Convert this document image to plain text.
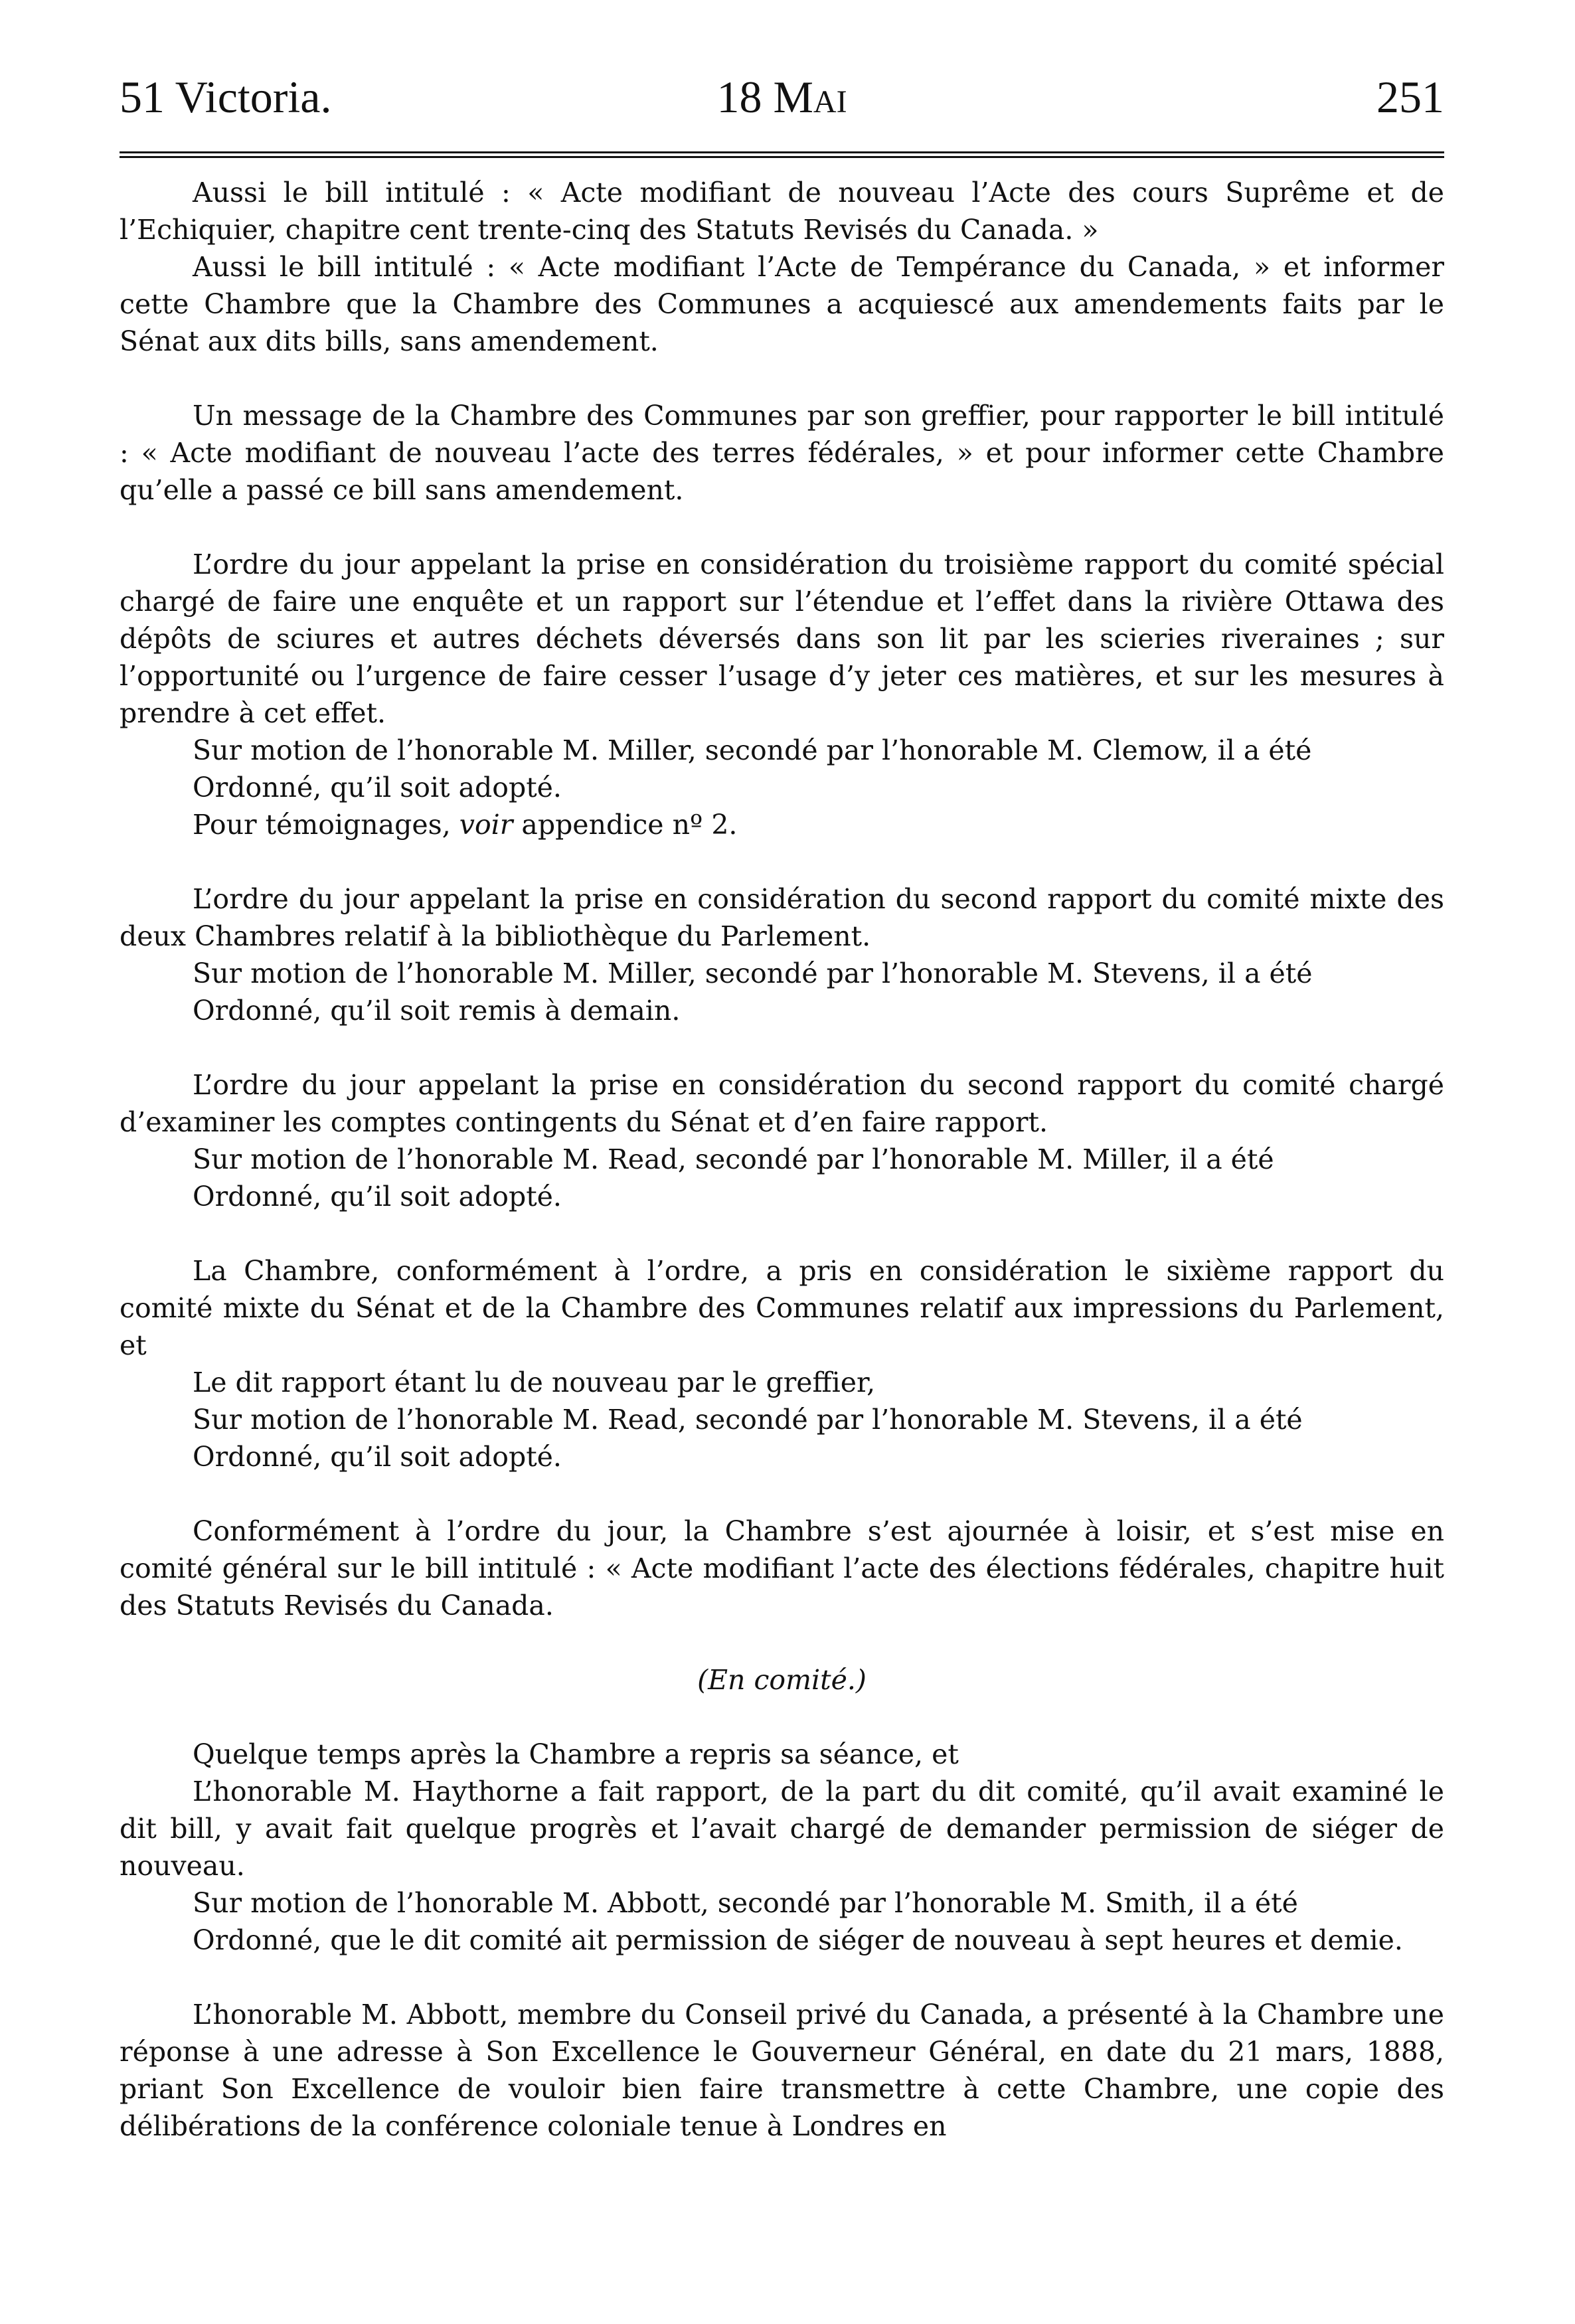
51 Victoria.	18 Mai	251

Aussi le bill intitulé : « Acte modifiant de nouveau l’Acte des cours Suprême et de l’Echiquier, chapitre cent trente-cinq des Statuts Revisés du Canada. »

Aussi le bill intitulé : « Acte modifiant l’Acte de Tempérance du Canada, » et informer cette Chambre que la Chambre des Communes a acquiescé aux amendements faits par le Sénat aux dits bills, sans amendement.

Un message de la Chambre des Communes par son greffier, pour rapporter le bill intitulé : « Acte modifiant de nouveau l’acte des terres fédérales, » et pour informer cette Chambre qu’elle a passé ce bill sans amendement.

L’ordre du jour appelant la prise en considération du troisième rapport du comité spécial chargé de faire une enquête et un rapport sur l’étendue et l’effet dans la rivière Ottawa des dépôts de sciures et autres déchets déversés dans son lit par les scieries riveraines ; sur l’opportunité ou l’urgence de faire cesser l’usage d’y jeter ces matières, et sur les mesures à prendre à cet effet.

Sur motion de l’honorable M. Miller, secondé par l’honorable M. Clemow, il a été

Ordonné, qu’il soit adopté.

Pour témoignages, voir appendice nº 2.

L’ordre du jour appelant la prise en considération du second rapport du comité mixte des deux Chambres relatif à la bibliothèque du Parlement.

Sur motion de l’honorable M. Miller, secondé par l’honorable M. Stevens, il a été

Ordonné, qu’il soit remis à demain.

L’ordre du jour appelant la prise en considération du second rapport du comité chargé d’examiner les comptes contingents du Sénat et d’en faire rapport.

Sur motion de l’honorable M. Read, secondé par l’honorable M. Miller, il a été

Ordonné, qu’il soit adopté.

La Chambre, conformément à l’ordre, a pris en considération le sixième rapport du comité mixte du Sénat et de la Chambre des Communes relatif aux impressions du Parlement, et

Le dit rapport étant lu de nouveau par le greffier,

Sur motion de l’honorable M. Read, secondé par l’honorable M. Stevens, il a été

Ordonné, qu’il soit adopté.

Conformément à l’ordre du jour, la Chambre s’est ajournée à loisir, et s’est mise en comité général sur le bill intitulé : « Acte modifiant l’acte des élections fédérales, chapitre huit des Statuts Revisés du Canada.

(En comité.)

Quelque temps après la Chambre a repris sa séance, et

L’honorable M. Haythorne a fait rapport, de la part du dit comité, qu’il avait examiné le dit bill, y avait fait quelque progrès et l’avait chargé de demander permission de siéger de nouveau.

Sur motion de l’honorable M. Abbott, secondé par l’honorable M. Smith, il a été

Ordonné, que le dit comité ait permission de siéger de nouveau à sept heures et demie.

L’honorable M. Abbott, membre du Conseil privé du Canada, a présenté à la Chambre une réponse à une adresse à Son Excellence le Gouverneur Général, en date du 21 mars, 1888, priant Son Excellence de vouloir bien faire transmettre à cette Chambre, une copie des délibérations de la conférence coloniale tenue à Londres en
